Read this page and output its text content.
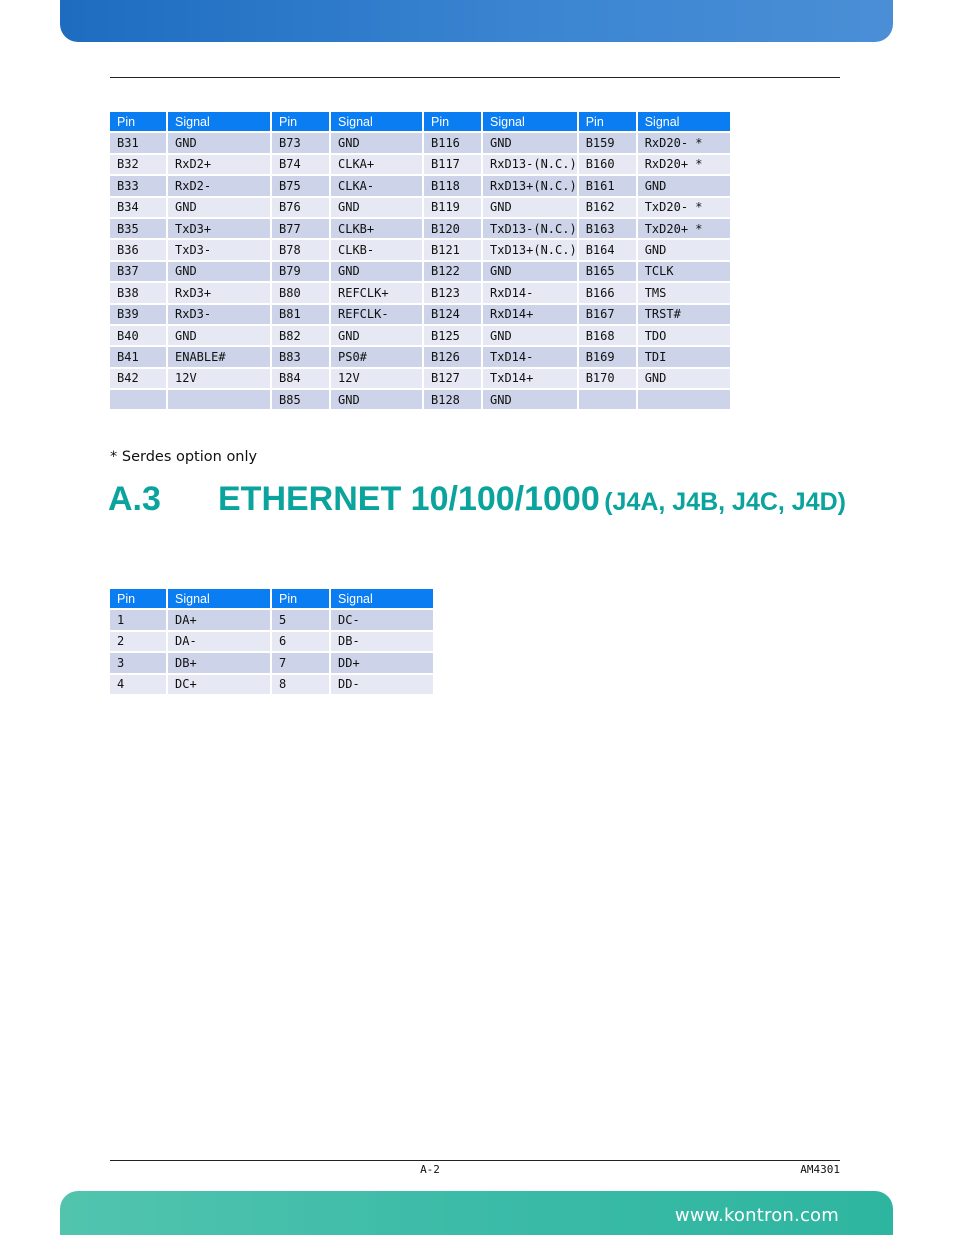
Pin	Signal	Pin	Signal	Pin	Signal	Pin	Signal
B31	GND	B73	GND	B116	GND	B159	RxD20- *
B32	RxD2+	B74	CLKA+	B117	RxD13-(N.C.)	B160	RxD20+ *
B33	RxD2-	B75	CLKA-	B118	RxD13+(N.C.)	B161	GND
B34	GND	B76	GND	B119	GND	B162	TxD20- *
B35	TxD3+	B77	CLKB+	B120	TxD13-(N.C.)	B163	TxD20+ *
B36	TxD3-	B78	CLKB-	B121	TxD13+(N.C.)	B164	GND
B37	GND	B79	GND	B122	GND	B165	TCLK
B38	RxD3+	B80	REFCLK+	B123	RxD14-	B166	TMS
B39	RxD3-	B81	REFCLK-	B124	RxD14+	B167	TRST#
B40	GND	B82	GND	B125	GND	B168	TDO
B41	ENABLE#	B83	PS0#	B126	TxD14-	B169	TDI
B42	12V	B84	12V	B127	TxD14+	B170	GND
		B85	GND	B128	GND		
* Serdes option only
A.3 ETHERNET 10/100/1000 (J4A, J4B, J4C, J4D)
Pin	Signal	Pin	Signal
1	DA+	5	DC-
2	DA-	6	DB-
3	DB+	7	DD+
4	DC+	8	DD-
A-2	AM4301
www.kontron.com
